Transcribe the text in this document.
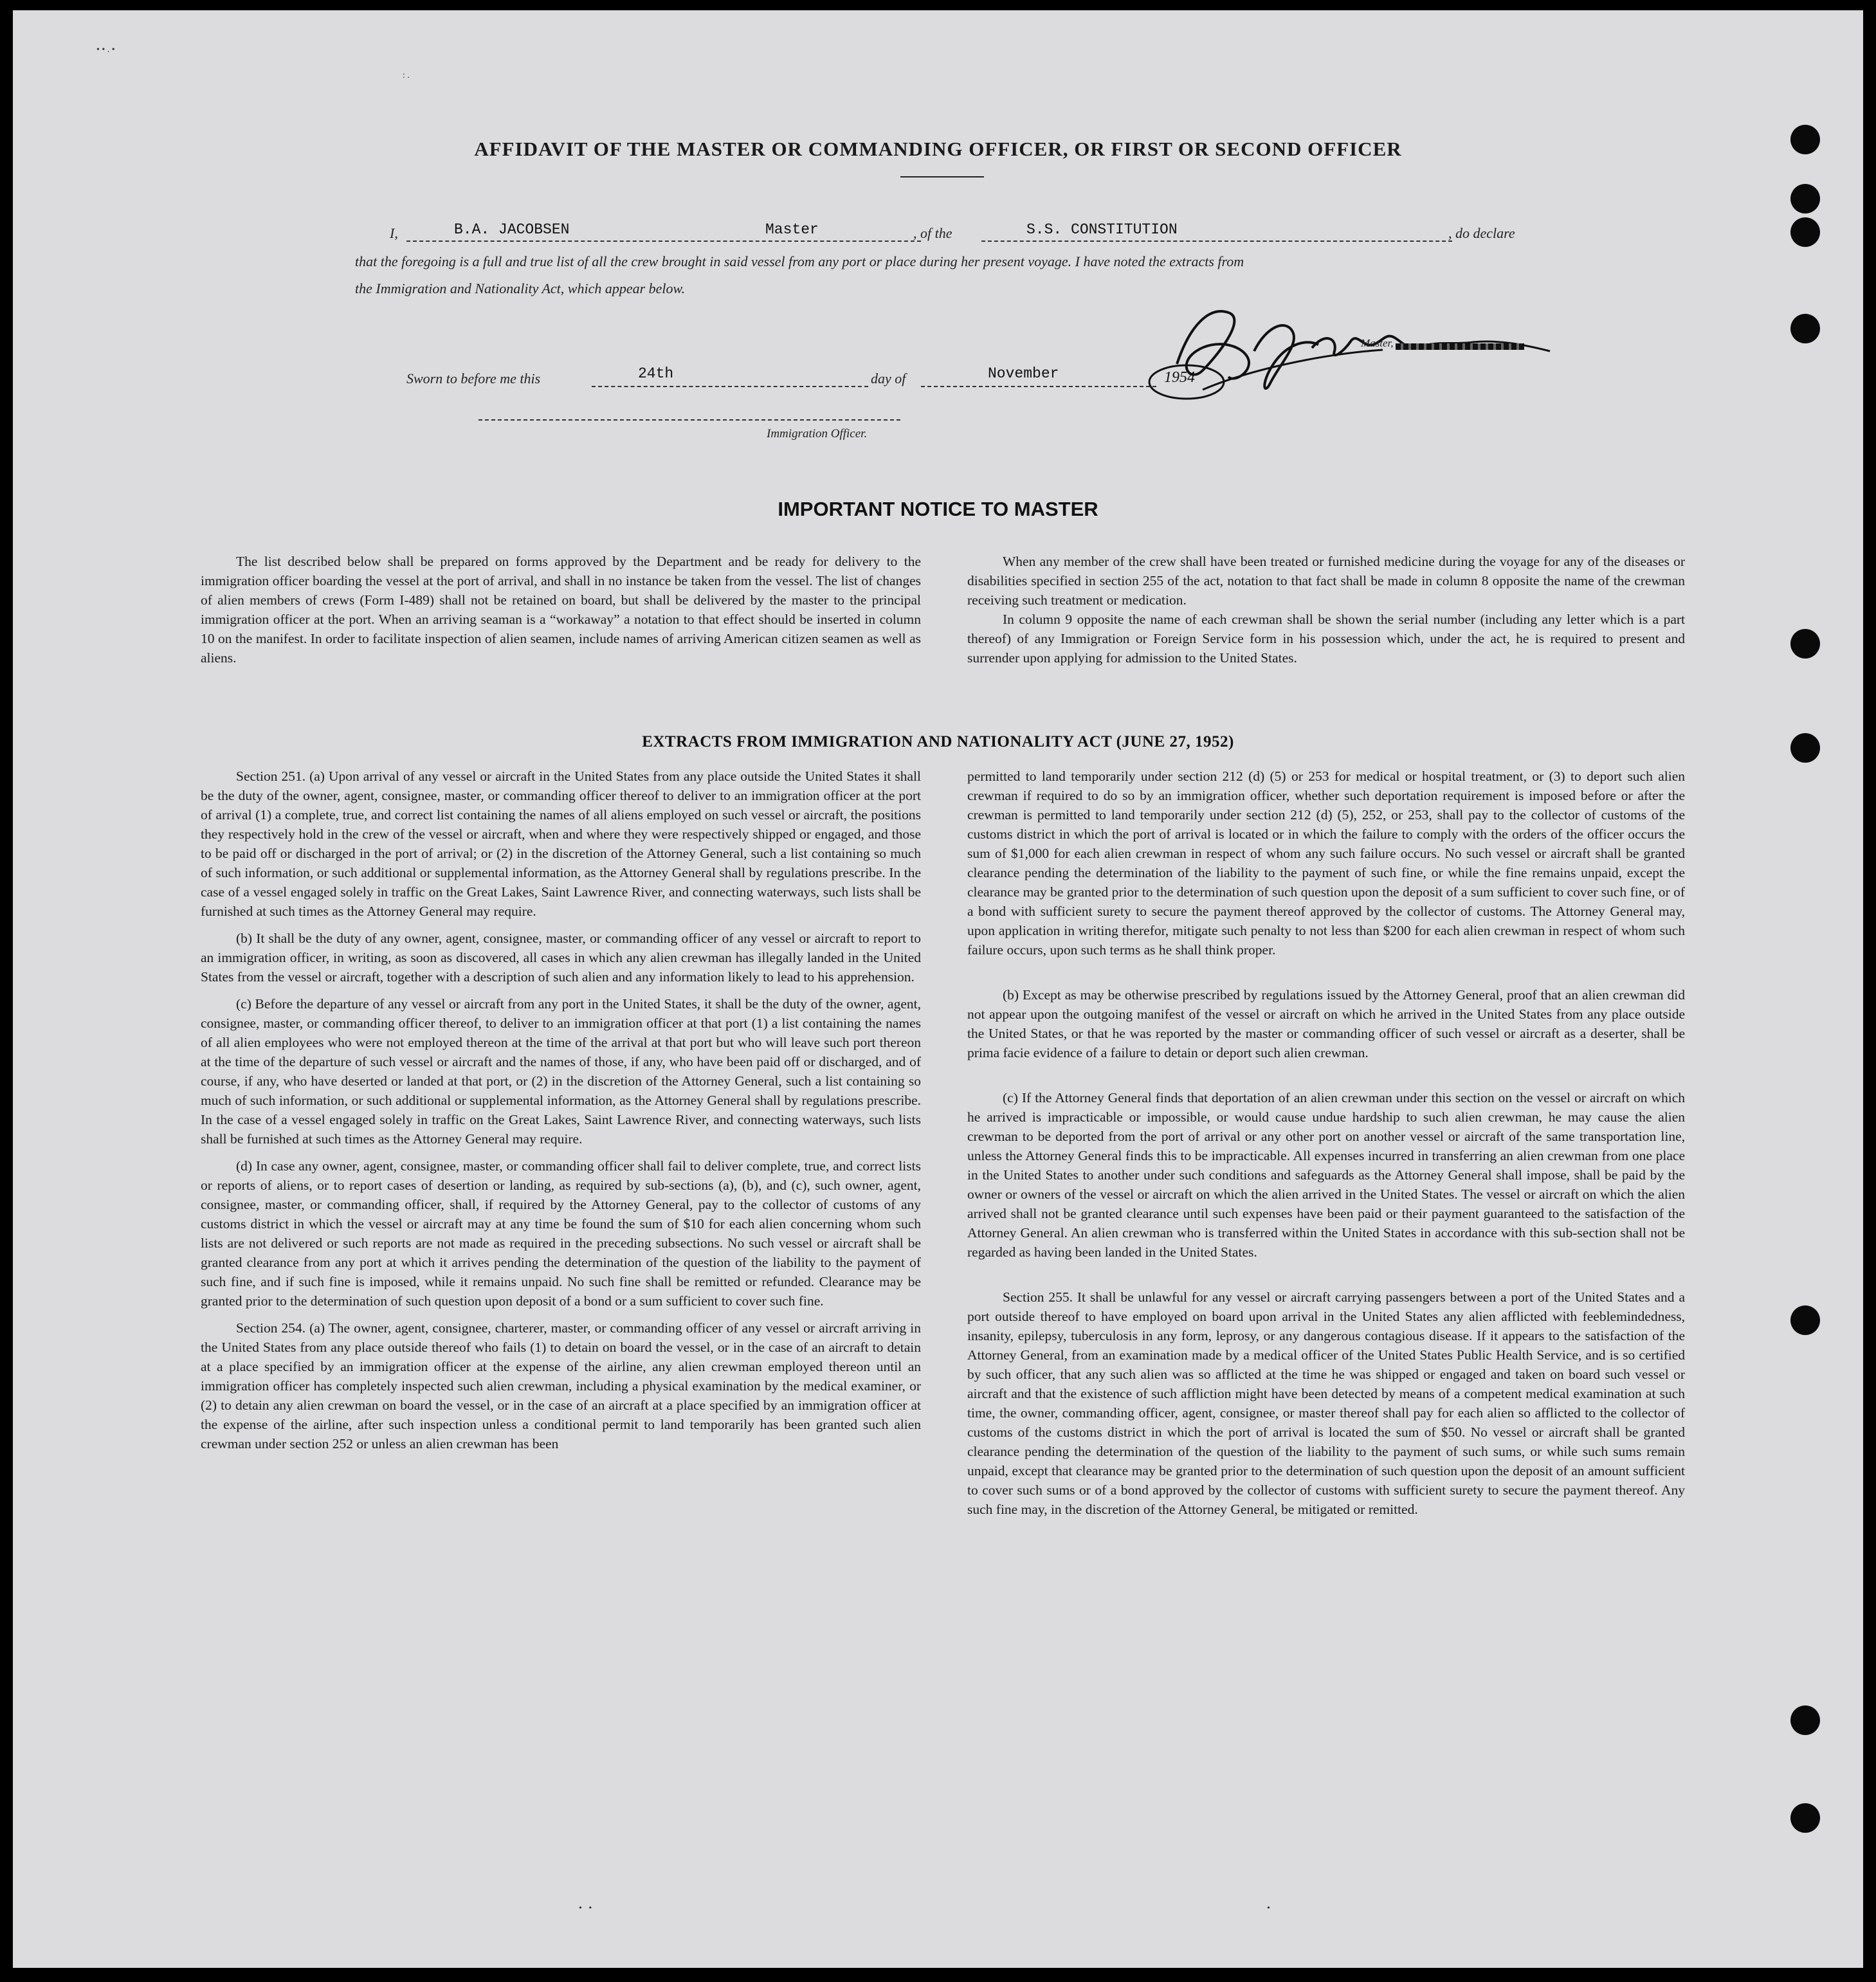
• • . •
: .
AFFIDAVIT OF THE MASTER OR COMMANDING OFFICER, OR FIRST OR SECOND OFFICER
I,	B.A. JACOBSEN	Master	, of the	S.S. CONSTITUTION	, do declare
that the foregoing is a full and true list of all the crew brought in said vessel from any port or place during her present voyage. I have noted the extracts from
the Immigration and Nationality Act, which appear below.
Master,
Sworn to before me this	24th	day of	November	1954
Immigration Officer.
IMPORTANT NOTICE TO MASTER

The list described below shall be prepared on forms approved by the Department and be ready for delivery to the immigration officer boarding the vessel at the port of arrival, and shall in no instance be taken from the vessel. The list of changes of alien members of crews (Form I-489) shall not be retained on board, but shall be delivered by the master to the principal immigration officer at the port. When an arriving seaman is a “workaway” a notation to that effect should be inserted in column 10 on the manifest. In order to facilitate inspection of alien seamen, include names of arriving American citizen seamen as well as aliens.

When any member of the crew shall have been treated or furnished medicine during the voyage for any of the diseases or disabilities specified in section 255 of the act, notation to that fact shall be made in column 8 opposite the name of the crewman receiving such treatment or medication.

In column 9 opposite the name of each crewman shall be shown the serial number (including any letter which is a part thereof) of any Immigration or Foreign Service form in his possession which, under the act, he is required to present and surrender upon applying for admission to the United States.

EXTRACTS FROM IMMIGRATION AND NATIONALITY ACT (JUNE 27, 1952)

Section 251. (a) Upon arrival of any vessel or aircraft in the United States from any place outside the United States it shall be the duty of the owner, agent, consignee, master, or commanding officer thereof to deliver to an immigration officer at the port of arrival (1) a complete, true, and correct list containing the names of all aliens employed on such vessel or aircraft, the positions they respectively hold in the crew of the vessel or aircraft, when and where they were respectively shipped or engaged, and those to be paid off or discharged in the port of arrival; or (2) in the discretion of the Attorney General, such a list containing so much of such information, or such additional or supplemental information, as the Attorney General shall by regulations prescribe. In the case of a vessel engaged solely in traffic on the Great Lakes, Saint Lawrence River, and connecting waterways, such lists shall be furnished at such times as the Attorney General may require.

(b) It shall be the duty of any owner, agent, consignee, master, or commanding officer of any vessel or aircraft to report to an immigration officer, in writing, as soon as discovered, all cases in which any alien crewman has illegally landed in the United States from the vessel or aircraft, together with a description of such alien and any information likely to lead to his apprehension.

(c) Before the departure of any vessel or aircraft from any port in the United States, it shall be the duty of the owner, agent, consignee, master, or commanding officer thereof, to deliver to an immigration officer at that port (1) a list containing the names of all alien employees who were not employed thereon at the time of the arrival at that port but who will leave such port thereon at the time of the departure of such vessel or aircraft and the names of those, if any, who have been paid off or discharged, and of course, if any, who have deserted or landed at that port, or (2) in the discretion of the Attorney General, such a list containing so much of such information, or such additional or supplemental information, as the Attorney General shall by regulations prescribe. In the case of a vessel engaged solely in traffic on the Great Lakes, Saint Lawrence River, and connecting waterways, such lists shall be furnished at such times as the Attorney General may require.

(d) In case any owner, agent, consignee, master, or commanding officer shall fail to deliver complete, true, and correct lists or reports of aliens, or to report cases of desertion or landing, as required by sub-sections (a), (b), and (c), such owner, agent, consignee, master, or commanding officer, shall, if required by the Attorney General, pay to the collector of customs of any customs district in which the vessel or aircraft may at any time be found the sum of $10 for each alien concerning whom such lists are not delivered or such reports are not made as required in the preceding subsections. No such vessel or aircraft shall be granted clearance from any port at which it arrives pending the determination of the question of the liability to the payment of such fine, and if such fine is imposed, while it remains unpaid. No such fine shall be remitted or refunded. Clearance may be granted prior to the determination of such question upon deposit of a bond or a sum sufficient to cover such fine.

Section 254. (a) The owner, agent, consignee, charterer, master, or commanding officer of any vessel or aircraft arriving in the United States from any place outside thereof who fails (1) to detain on board the vessel, or in the case of an aircraft to detain at a place specified by an immigration officer at the expense of the airline, any alien crewman employed thereon until an immigration officer has completely inspected such alien crewman, including a physical examination by the medical examiner, or (2) to detain any alien crewman on board the vessel, or in the case of an aircraft at a place specified by an immigration officer at the expense of the airline, after such inspection unless a conditional permit to land temporarily has been granted such alien crewman under section 252 or unless an alien crewman has been

permitted to land temporarily under section 212 (d) (5) or 253 for medical or hospital treatment, or (3) to deport such alien crewman if required to do so by an immigration officer, whether such deportation requirement is imposed before or after the crewman is permitted to land temporarily under section 212 (d) (5), 252, or 253, shall pay to the collector of customs of the customs district in which the port of arrival is located or in which the failure to comply with the orders of the officer occurs the sum of $1,000 for each alien crewman in respect of whom any such failure occurs. No such vessel or aircraft shall be granted clearance pending the determination of the liability to the payment of such fine, or while the fine remains unpaid, except the clearance may be granted prior to the determination of such question upon the deposit of a sum sufficient to cover such fine, or of a bond with sufficient surety to secure the payment thereof approved by the collector of customs. The Attorney General may, upon application in writing therefor, mitigate such penalty to not less than $200 for each alien crewman in respect of whom such failure occurs, upon such terms as he shall think proper.

(b) Except as may be otherwise prescribed by regulations issued by the Attorney General, proof that an alien crewman did not appear upon the outgoing manifest of the vessel or aircraft on which he arrived in the United States from any place outside the United States, or that he was reported by the master or commanding officer of such vessel or aircraft as a deserter, shall be prima facie evidence of a failure to detain or deport such alien crewman.

(c) If the Attorney General finds that deportation of an alien crewman under this section on the vessel or aircraft on which he arrived is impracticable or impossible, or would cause undue hardship to such alien crewman, he may cause the alien crewman to be deported from the port of arrival or any other port on another vessel or aircraft of the same transportation line, unless the Attorney General finds this to be impracticable. All expenses incurred in transferring an alien crewman from one place in the United States to another under such conditions and safeguards as the Attorney General shall impose, shall be paid by the owner or owners of the vessel or aircraft on which the alien arrived in the United States. The vessel or aircraft on which the alien arrived shall not be granted clearance until such expenses have been paid or their payment guaranteed to the satisfaction of the Attorney General. An alien crewman who is transferred within the United States in accordance with this sub-section shall not be regarded as having been landed in the United States.

Section 255. It shall be unlawful for any vessel or aircraft carrying passengers between a port of the United States and a port outside thereof to have employed on board upon arrival in the United States any alien afflicted with feeblemindedness, insanity, epilepsy, tuberculosis in any form, leprosy, or any dangerous contagious disease. If it appears to the satisfaction of the Attorney General, from an examination made by a medical officer of the United States Public Health Service, and is so certified by such officer, that any such alien was so afflicted at the time he was shipped or engaged and taken on board such vessel or aircraft and that the existence of such affliction might have been detected by means of a competent medical examination at such time, the owner, commanding officer, agent, consignee, or master thereof shall pay for each alien so afflicted to the collector of customs of the customs district in which the port of arrival is located the sum of $50. No vessel or aircraft shall be granted clearance pending the determination of the question of the liability to the payment of such sums, or while such sums remain unpaid, except that clearance may be granted prior to the determination of such question upon the deposit of an amount sufficient to cover such sums or of a bond approved by the collector of customs with sufficient surety to secure the payment thereof. Any such fine may, in the discretion of the Attorney General, be mitigated or remitted.

•   •	•
